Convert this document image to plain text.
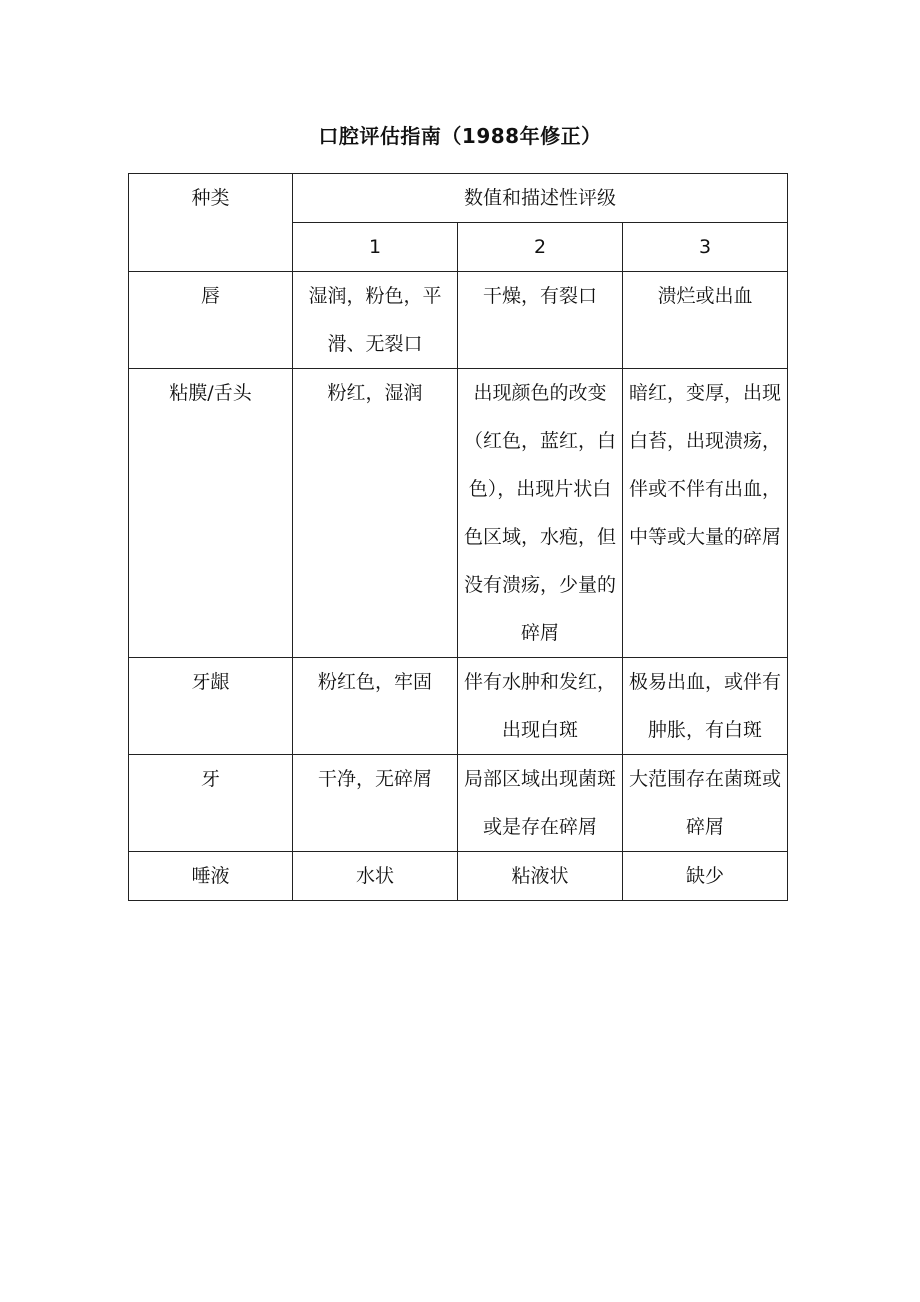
口腔评估指南（1988年修正）
种类	数值和描述性评级		
	1	2	3
唇	湿润，粉色，平滑、无裂口	干燥，有裂口	溃烂或出血
粘膜/舌头	粉红，湿润	出现颜色的改变（红色，蓝红，白色），出现片状白色区域，水疱，但没有溃疡，少量的碎屑	暗红，变厚，出现白苔，出现溃疡，伴或不伴有出血，中等或大量的碎屑
牙龈	粉红色，牢固	伴有水肿和发红，出现白斑	极易出血，或伴有肿胀，有白斑
牙	干净，无碎屑	局部区域出现菌斑或是存在碎屑	大范围存在菌斑或碎屑
唾液	水状	粘液状	缺少
